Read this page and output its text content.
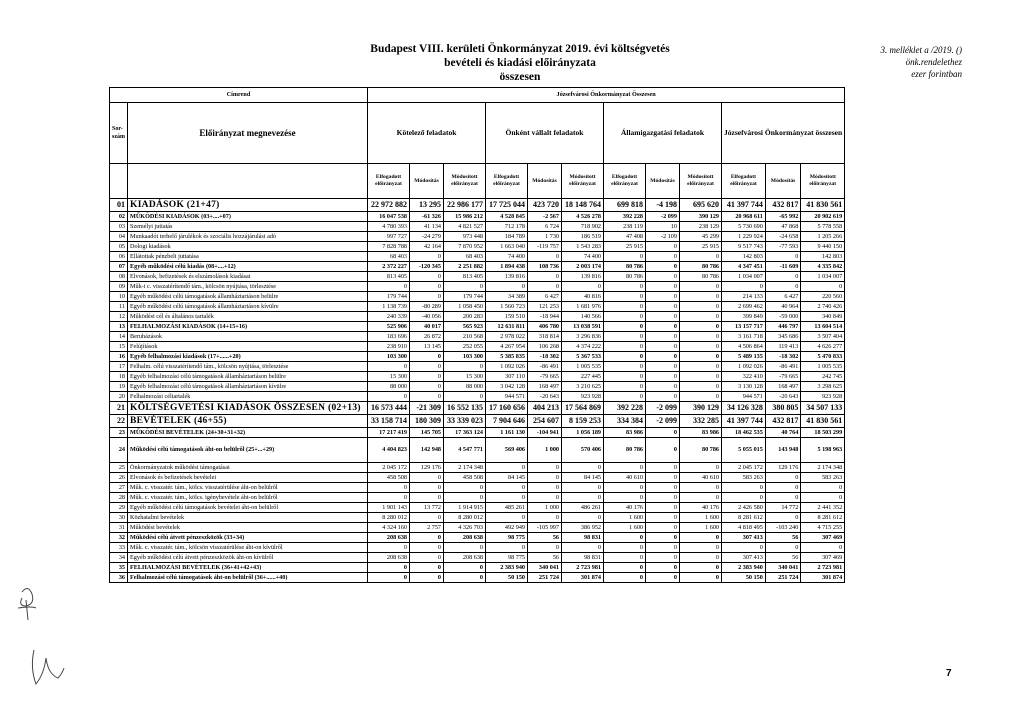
Budapest VIII. kerületi Önkormányzat 2019. évi költségvetés
bevételi és kiadási előirányzata
összesen
3. melléklet a /2019. ()
önk.rendelethez
ezer forintban
Címrend		Józsefvárosi Önkormányzat Összesen											
Sor-szám	Előirányzat megnevezése	Kötelező feladatok			Önként vállalt feladatok			Államigazgatási feladatok			Józsefvárosi Önkormányzat összesen		
		Elfogadott előirányzat	Módosítás	Módosított előirányzat	Elfogadott előirányzat	Módosítás	Módosított előirányzat	Elfogadott előirányzat	Módosítás	Módosított előirányzat	Elfogadott előirányzat	Módosítás	Módosított előirányzat
01	KIADÁSOK (21+47)	22 972 882	13 295	22 986 177	17 725 044	423 720	18 148 764	699 818	-4 198	695 620	41 397 744	432 817	41 830 561
02	MŰKÖDÉSI KIADÁSOK (03+....+07)	16 047 538	-61 326	15 986 212	4 528 845	-2 567	4 526 278	392 228	-2 099	390 129	20 968 611	-65 992	20 902 619
03	Személyi juttatás	4 780 393	41 134	4 821 527	712 178	6 724	718 902	238 119	10	238 129	5 730 690	47 868	5 778 558
04	Munkaadót terhelő járulékok és szociális hozzájárulási adó	997 727	-24 279	973 448	184 789	1 730	186 519	47 408	-2 109	45 299	1 229 924	-24 658	1 205 266
05	Dologi kiadások	7 828 788	42 164	7 870 952	1 663 040	-119 757	1 543 283	25 915	0	25 915	9 517 743	-77 593	9 440 150
06	Ellátottak pénzbeli juttatása	68 403	0	68 403	74 400	0	74 400	0	0	0	142 803	0	142 803
07	Egyéb működési célú kiadás (08+....+12)	2 372 227	-120 345	2 251 882	1 894 438	108 736	2 003 174	80 786	0	80 786	4 347 451	-11 609	4 335 842
08	Elvonások, befizetések és elszámolások kiadásai	813 405	0	813 405	139 816	0	139 816	80 786	0	80 786	1 034 007	0	1 034 007
09	Műk-i c. visszatérítendő tám., kölcsön nyújtása, törlesztése	0	0	0	0	0	0	0	0	0	0	0	0
10	Egyéb működési célú támogatások államháztartáson belülre	179 744	0	179 744	34 389	6 427	40 816	0	0	0	214 133	6 427	220 560
11	Egyéb működési célú támogatások államháztartáson kívülre	1 138 739	-80 289	1 058 450	1 560 723	121 253	1 681 976	0	0	0	2 699 462	40 964	2 740 426
12	Működési cél és általános tartalék	240 339	-40 056	200 283	159 510	-18 944	140 566	0	0	0	399 849	-59 000	340 849
13	FELHALMOZÁSI KIADÁSOK (14+15+16)	525 906	40 017	565 923	12 631 811	406 780	13 038 591	0	0	0	13 157 717	446 797	13 604 514
14	Beruházások	183 696	26 872	210 568	2 978 022	318 814	3 296 836	0	0	0	3 161 718	345 686	3 507 404
15	Felújítások	238 910	13 145	252 055	4 267 954	106 268	4 374 222	0	0	0	4 506 864	119 413	4 626 277
16	Egyéb felhalmozási kiadások (17+......+20)	103 300	0	103 300	5 385 835	-18 302	5 367 533	0	0	0	5 489 135	-18 302	5 470 833
17	Felhalm. célú visszatérítendő tám., kölcsön nyújtása, törlesztése	0	0	0	1 092 026	-86 491	1 005 535	0	0	0	1 092 026	-86 491	1 005 535
18	Egyéb felhalmozási célú támogatások államháztartáson belülre	15 300	0	15 300	307 110	-79 665	227 445	0	0	0	322 410	-79 665	242 745
19	Egyéb felhalmozási célú támogatások államháztartáson kívülre	88 000	0	88 000	3 042 128	168 497	3 210 625	0	0	0	3 130 128	168 497	3 298 625
20	Felhalmozási céltartalék	0	0	0	944 571	-20 643	923 928	0	0	0	944 571	-20 643	923 928
21	KÖLTSÉGVETÉSI KIADÁSOK ÖSSZESEN (02+13)	16 573 444	-21 309	16 552 135	17 160 656	404 213	17 564 869	392 228	-2 099	390 129	34 126 328	380 805	34 507 133
22	BEVÉTELEK (46+55)	33 158 714	180 309	33 339 023	7 904 646	254 607	8 159 253	334 384	-2 099	332 285	41 397 744	432 817	41 830 561
23	MŰKÖDÉSI BEVÉTELEK (24+30+31+32)	17 217 419	145 705	17 363 124	1 161 130	-104 941	1 056 189	83 986	0	83 986	18 462 535	40 764	18 503 299
24	Működési célú támogatások áht-on belülről (25+...+29)	4 404 823	142 948	4 547 771	569 406	1 000	570 406	80 786	0	80 786	5 055 015	143 948	5 198 963
25	Önkormányzatok működési támogatásai	2 045 172	129 176	2 174 348	0	0	0	0	0	0	2 045 172	129 176	2 174 348
26	Elvonások és befizetések bevételei	458 508	0	458 508	84 145	0	84 145	40 610	0	40 610	583 263	0	583 263
27	Műk. c. visszatér. tám., kölcs. visszatérülése áht-on belülről	0	0	0	0	0	0	0	0	0	0	0	0
28	Műk. c. visszatér. tám., kölcs. igénybevétele áht-on belülről	0	0	0	0	0	0	0	0	0	0	0	0
29	Egyéb működési célú támogatások bevételei áht-on belülről	1 901 143	13 772	1 914 915	485 261	1 000	486 261	40 176	0	40 176	2 426 580	14 772	2 441 352
30	Közhatalmi bevételek	8 280 012	0	8 280 012	0	0	0	1 600	0	1 600	8 281 612	0	8 281 612
31	Működési bevételek	4 324 160	2 757	4 326 703	492 949	-105 997	386 952	1 600	0	1 600	4 818 495	-103 240	4 715 255
32	Működési célú átvett pénzeszközök (33+34)	208 638	0	208 638	98 775	56	98 831	0	0	0	307 413	56	307 469
33	Műk. c. visszatér. tám., kölcsön visszatérülése áht-on kívülről	0	0	0	0	0	0	0	0	0	0	0	0
34	Egyéb működési célú átvett pénzeszközök áht-on kívülről	208 638	0	208 638	98 775	56	98 831	0	0	0	307 413	56	307 469
35	FELHALMOZÁSI BEVÉTELEK (36+41+42+43)	0	0	0	2 383 940	340 041	2 723 981	0	0	0	2 383 940	340 041	2 723 981
36	Felhalmozási célú támogatások áht-on belülről (36+......+40)	0	0	0	50 150	251 724	301 874	0	0	0	50 150	251 724	301 874
7
